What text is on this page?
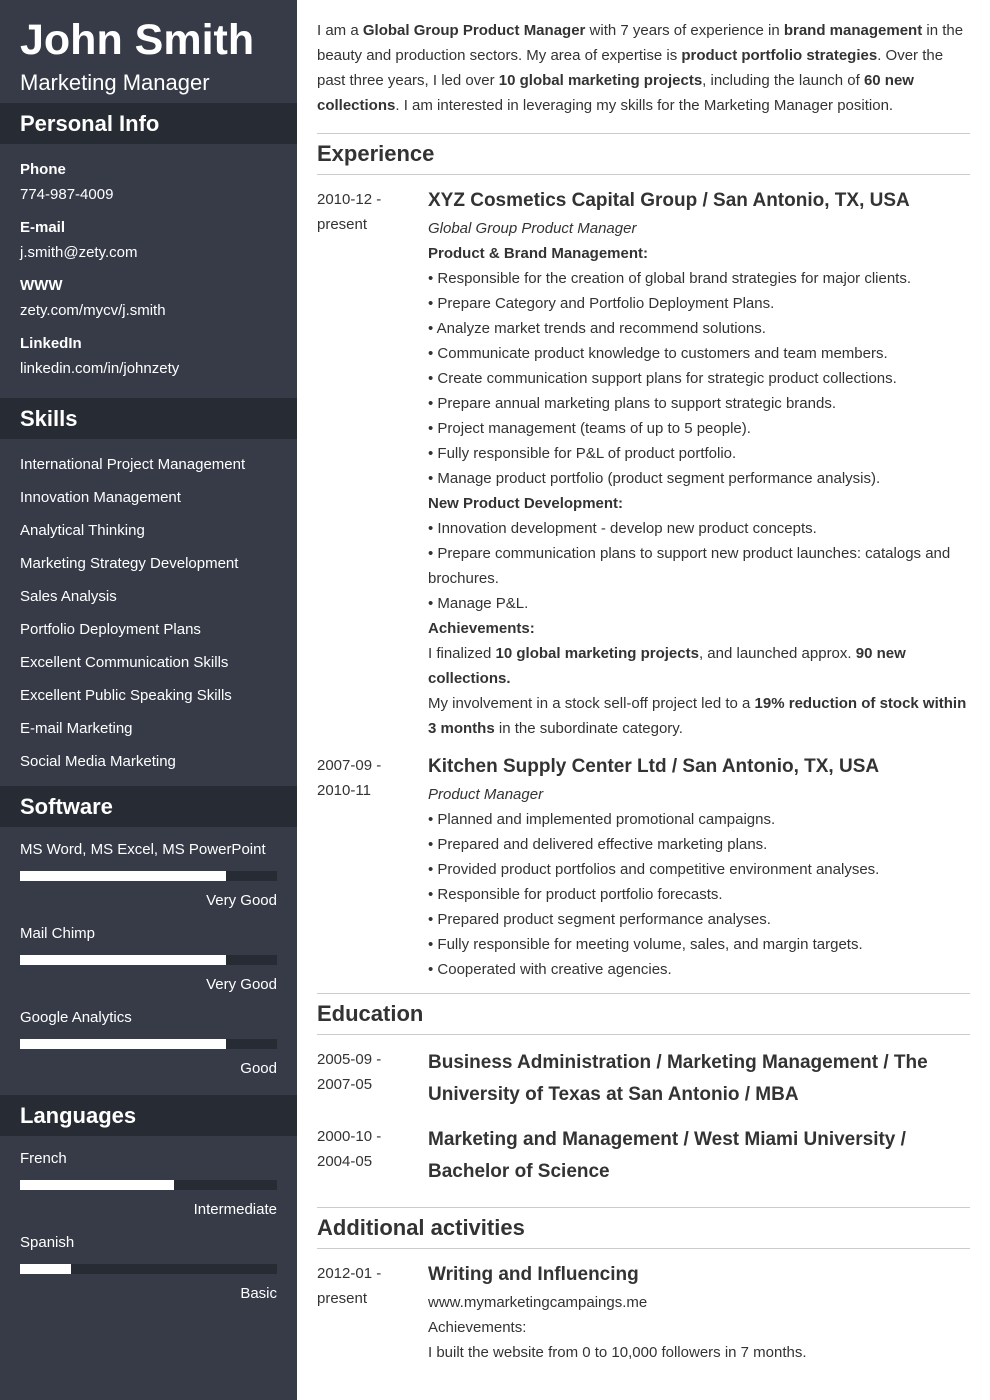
John Smith
Marketing Manager
Personal Info
Phone
774-987-4009
E-mail
j.smith@zety.com
WWW
zety.com/mycv/j.smith
LinkedIn
linkedin.com/in/johnzety
Skills
International Project Management
Innovation Management
Analytical Thinking
Marketing Strategy Development
Sales Analysis
Portfolio Deployment Plans
Excellent Communication Skills
Excellent Public Speaking Skills
E-mail Marketing
Social Media Marketing
Software
MS Word, MS Excel, MS PowerPoint
Very Good
Mail Chimp
Very Good
Google Analytics
Good
Languages
French
Intermediate
Spanish
Basic
I am a Global Group Product Manager with 7 years of experience in brand management in the beauty and production sectors. My area of expertise is product portfolio strategies. Over the past three years, I led over 10 global marketing projects, including the launch of 60 new collections. I am interested in leveraging my skills for the Marketing Manager position.
Experience
2010-12 -
present
XYZ Cosmetics Capital Group / San Antonio, TX, USA
Global Group Product Manager
Product & Brand Management:
• Responsible for the creation of global brand strategies for major clients.
• Prepare Category and Portfolio Deployment Plans.
• Analyze market trends and recommend solutions.
• Communicate product knowledge to customers and team members.
• Create communication support plans for strategic product collections.
• Prepare annual marketing plans to support strategic brands.
• Project management (teams of up to 5 people).
• Fully responsible for P&L of product portfolio.
• Manage product portfolio (product segment performance analysis).
New Product Development:
• Innovation development - develop new product concepts.
• Prepare communication plans to support new product launches: catalogs and brochures.
• Manage P&L.
Achievements:
I finalized 10 global marketing projects, and launched approx. 90 new collections.
My involvement in a stock sell-off project led to a 19% reduction of stock within 3 months in the subordinate category.
2007-09 -
2010-11
Kitchen Supply Center Ltd / San Antonio, TX, USA
Product Manager
• Planned and implemented promotional campaigns.
• Prepared and delivered effective marketing plans.
• Provided product portfolios and competitive environment analyses.
• Responsible for product portfolio forecasts.
• Prepared product segment performance analyses.
• Fully responsible for meeting volume, sales, and margin targets.
• Cooperated with creative agencies.
Education
2005-09 -
2007-05
Business Administration / Marketing Management / The University of Texas at San Antonio / MBA
2000-10 -
2004-05
Marketing and Management / West Miami University / Bachelor of Science
Additional activities
2012-01 -
present
Writing and Influencing
www.mymarketingcampaings.me
Achievements:
I built the website from 0 to 10,000 followers in 7 months.
